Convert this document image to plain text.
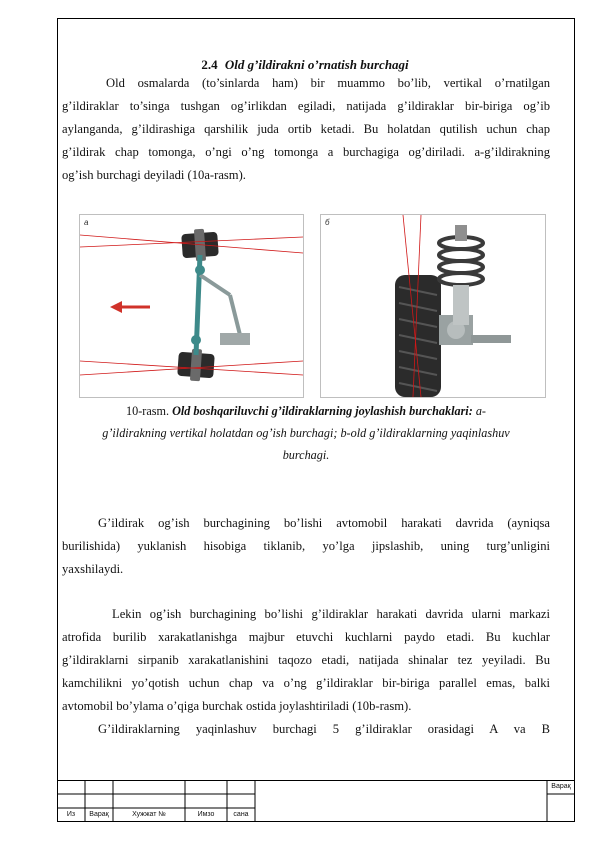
2.4 Old g’ildirakni o’rnatish burchagi
Old osmalarda (to’sinlarda ham) bir muammo bo’lib, vertikal o’rnatilgan
g’ildiraklar to’singa tushgan og’irlikdan egiladi, natijada g’ildiraklar bir-biriga og’ib
aylanganda, g’ildirashiga qarshilik juda ortib ketadi. Bu holatdan qutilish uchun chap
g’ildirak chap tomonga, o’ngi o’ng tomonga a burchagiga og’diriladi. a-g’ildirakning
og’ish burchagi deyiladi (10a-rasm).
a	б

10-rasm. Old boshqariluvchi g’ildiraklarning joylashish burchaklari: a-
g’ildirakning vertikal holatdan og’ish burchagi; b-old g’ildiraklarning yaqinlashuv
burchagi.

G’ildirak og’ish burchagining bo’lishi avtomobil harakati davrida (ayniqsa
burilishida) yuklanish hisobiga tiklanib, yo’lga jipslashib, uning turg’unligini
yaxshilaydi.
Lekin og’ish burchagining bo’lishi g’ildiraklar harakati davrida ularni markazi
atrofida burilib xarakatlanishga majbur etuvchi kuchlarni paydo etadi. Bu kuchlar
g’ildiraklarni sirpanib xarakatlanishini taqozo etadi, natijada shinalar tez yeyiladi. Bu
kamchilikni yo’qotish uchun chap va o’ng g’ildiraklar bir-biriga parallel emas, balki
avtomobil bo’ylama o’qiga burchak ostida joylashtiriladi (10b-rasm).
G’ildiraklarning yaqinlashuv burchagi 5 g’ildiraklar orasidagi A va B
Из	Варақ	Хужжат №	Имзо	сана
Варақ
